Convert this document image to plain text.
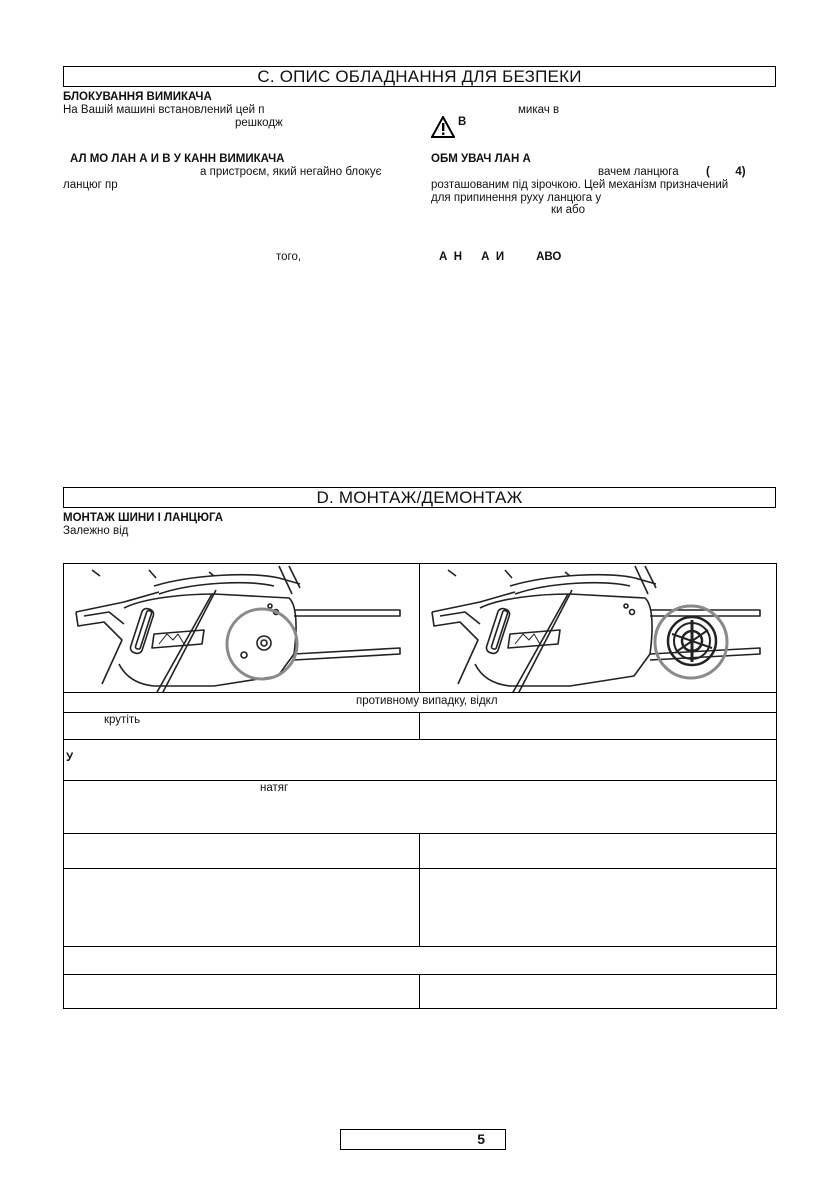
C. ОПИС ОБЛАДНАННЯ ДЛЯ БЕЗПЕКИ
БЛОКУВАННЯ ВИМИКАЧА
На Вашій машині встановлений цей п	микач в
решкодж	В
АЛ МО ЛАН А И В У КАНН ВИМИКАЧА	ОБМ УВАЧ ЛАН А
а пристроєм, який негайно блокує
ланцюг пр
вачем ланцюга (        4)
розташованим під зірочкою. Цей механізм призначений
для припинення руху ланцюга у
ки або
того,	А  Н      А  И          АВО
D. МОНТАЖ/ДЕМОНТАЖ
МОНТАЖ ШИНИ І ЛАНЦЮГА
Залежно від
противному випадку, відкл
крутіть
У
натяг
5
